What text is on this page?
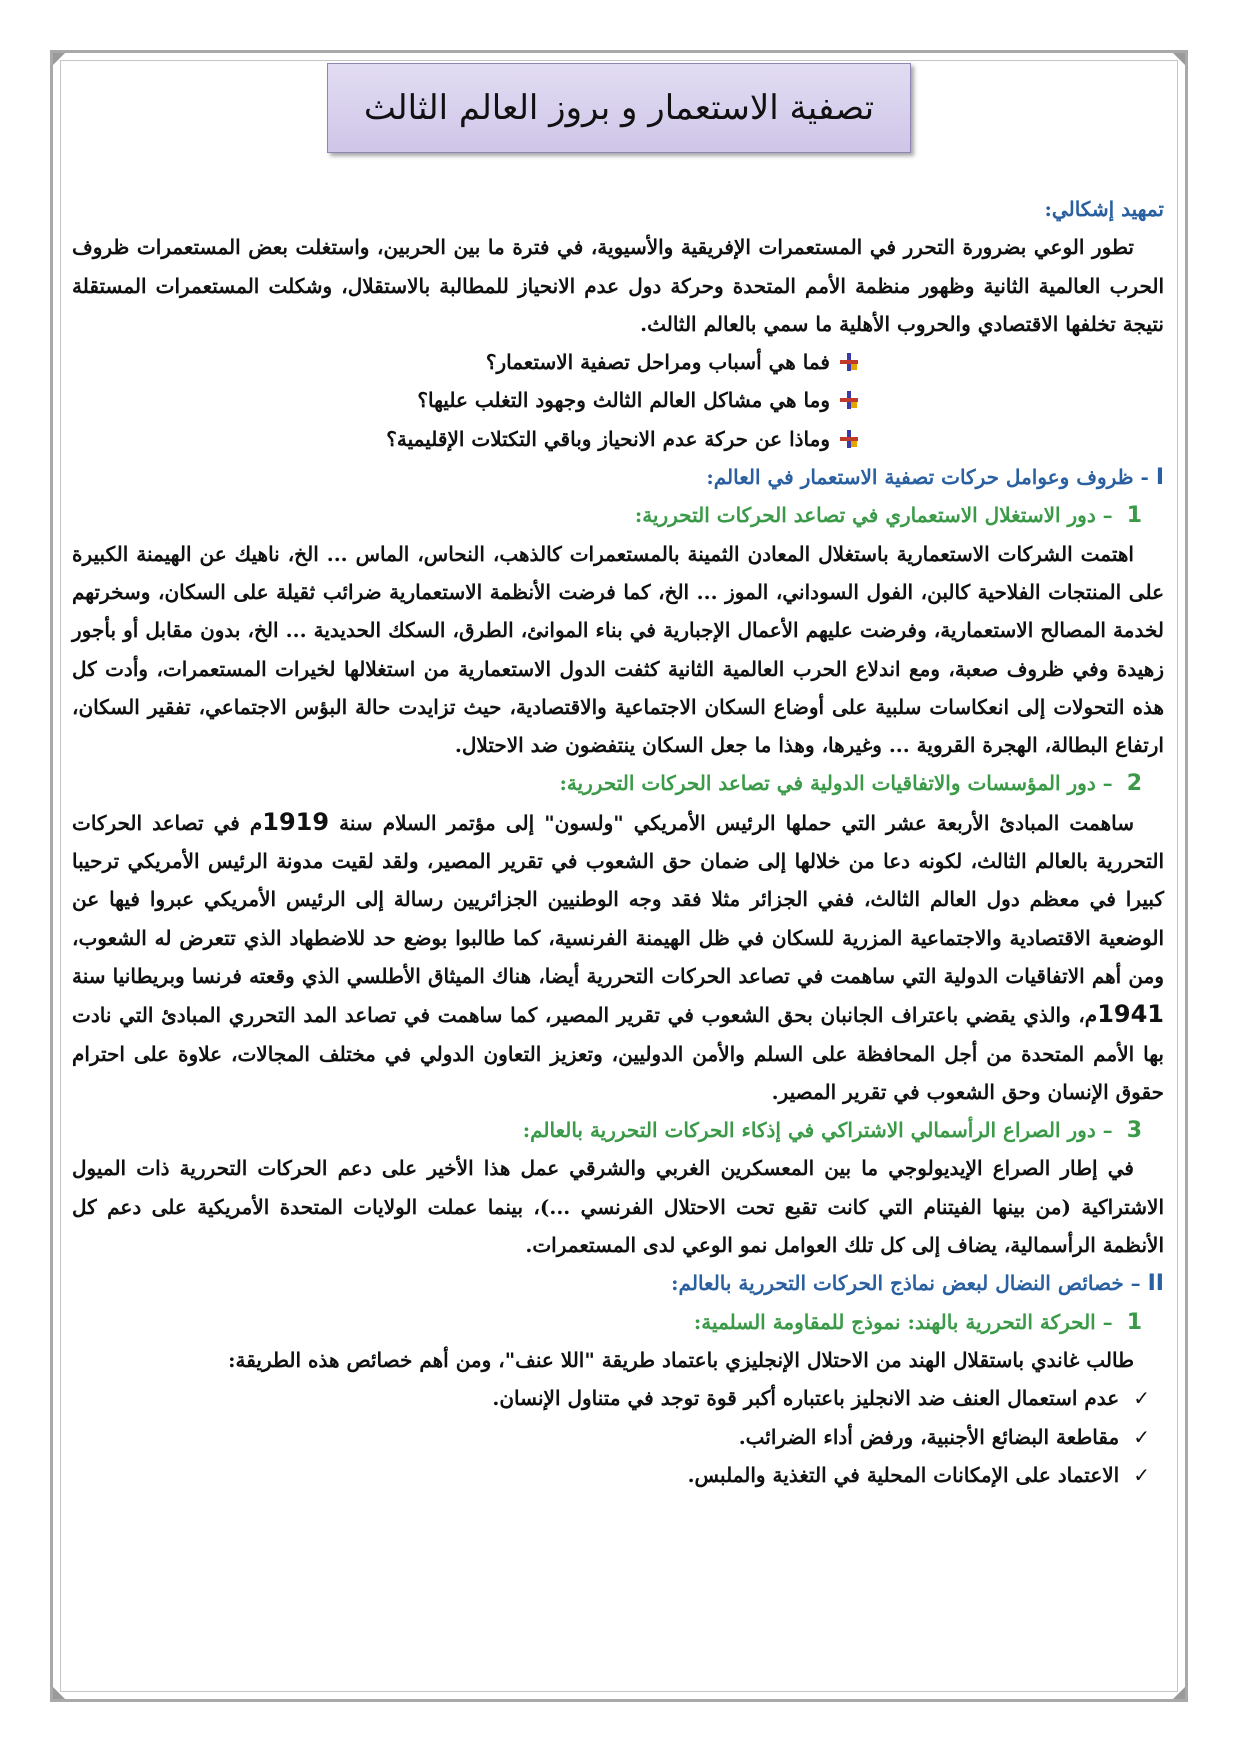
تصفية الاستعمار و بروز العالم الثالث

تمهيد إشكالي:

تطور الوعي بضرورة التحرر في المستعمرات الإفريقية والأسيوية، في فترة ما بين الحربين، واستغلت بعض المستعمرات ظروف الحرب العالمية الثانية وظهور منظمة الأمم المتحدة وحركة دول عدم الانحياز للمطالبة بالاستقلال، وشكلت المستعمرات المستقلة نتيجة تخلفها الاقتصادي والحروب الأهلية ما سمي بالعالم الثالث.

فما هي أسباب ومراحل تصفية الاستعمار؟

وما هي مشاكل العالم الثالث وجهود التغلب عليها؟

وماذا عن حركة عدم الانحياز وباقي التكتلات الإقليمية؟

I - ظروف وعوامل حركات تصفية الاستعمار في العالم:

1– دور الاستغلال الاستعماري في تصاعد الحركات التحررية:

اهتمت الشركات الاستعمارية باستغلال المعادن الثمينة بالمستعمرات كالذهب، النحاس، الماس ... الخ، ناهيك عن الهيمنة الكبيرة على المنتجات الفلاحية كالبن، الفول السوداني، الموز ... الخ، كما فرضت الأنظمة الاستعمارية ضرائب ثقيلة على السكان، وسخرتهم لخدمة المصالح الاستعمارية، وفرضت عليهم الأعمال الإجبارية في بناء الموانئ، الطرق، السكك الحديدية ... الخ، بدون مقابل أو بأجور زهيدة وفي ظروف صعبة، ومع اندلاع الحرب العالمية الثانية كثفت الدول الاستعمارية من استغلالها لخيرات المستعمرات، وأدت كل هذه التحولات إلى انعكاسات سلبية على أوضاع السكان الاجتماعية والاقتصادية، حيث تزايدت حالة البؤس الاجتماعي، تفقير السكان، ارتفاع البطالة، الهجرة القروية ... وغيرها، وهذا ما جعل السكان ينتفضون ضد الاحتلال.

2– دور المؤسسات والاتفاقيات الدولية في تصاعد الحركات التحررية:

ساهمت المبادئ الأربعة عشر التي حملها الرئيس الأمريكي "ولسون" إلى مؤتمر السلام سنة 1919م في تصاعد الحركات التحررية بالعالم الثالث، لكونه دعا من خلالها إلى ضمان حق الشعوب في تقرير المصير، ولقد لقيت مدونة الرئيس الأمريكي ترحيبا كبيرا في معظم دول العالم الثالث، ففي الجزائر مثلا فقد وجه الوطنيين الجزائريين رسالة إلى الرئيس الأمريكي عبروا فيها عن الوضعية الاقتصادية والاجتماعية المزرية للسكان في ظل الهيمنة الفرنسية، كما طالبوا بوضع حد للاضطهاد الذي تتعرض له الشعوب، ومن أهم الاتفاقيات الدولية التي ساهمت في تصاعد الحركات التحررية أيضا، هناك الميثاق الأطلسي الذي وقعته فرنسا وبريطانيا سنة 1941م، والذي يقضي باعتراف الجانبان بحق الشعوب في تقرير المصير، كما ساهمت في تصاعد المد التحرري المبادئ التي نادت بها الأمم المتحدة من أجل المحافظة على السلم والأمن الدوليين، وتعزيز التعاون الدولي في مختلف المجالات، علاوة على احترام حقوق الإنسان وحق الشعوب في تقرير المصير.

3– دور الصراع الرأسمالي الاشتراكي في إذكاء الحركات التحررية بالعالم:

في إطار الصراع الإيديولوجي ما بين المعسكرين الغربي والشرقي عمل هذا الأخير على دعم الحركات التحررية ذات الميول الاشتراكية (من بينها الفيتنام التي كانت تقبع تحت الاحتلال الفرنسي ...)، بينما عملت الولايات المتحدة الأمريكية على دعم كل الأنظمة الرأسمالية، يضاف إلى كل تلك العوامل نمو الوعي لدى المستعمرات.

II – خصائص النضال لبعض نماذج الحركات التحررية بالعالم:

1– الحركة التحررية بالهند: نموذج للمقاومة السلمية:

طالب غاندي باستقلال الهند من الاحتلال الإنجليزي باعتماد طريقة "اللا عنف"، ومن أهم خصائص هذه الطريقة:

✓عدم استعمال العنف ضد الانجليز باعتباره أكبر قوة توجد في متناول الإنسان.

✓مقاطعة البضائع الأجنبية، ورفض أداء الضرائب.

✓الاعتماد على الإمكانات المحلية في التغذية والملبس.
